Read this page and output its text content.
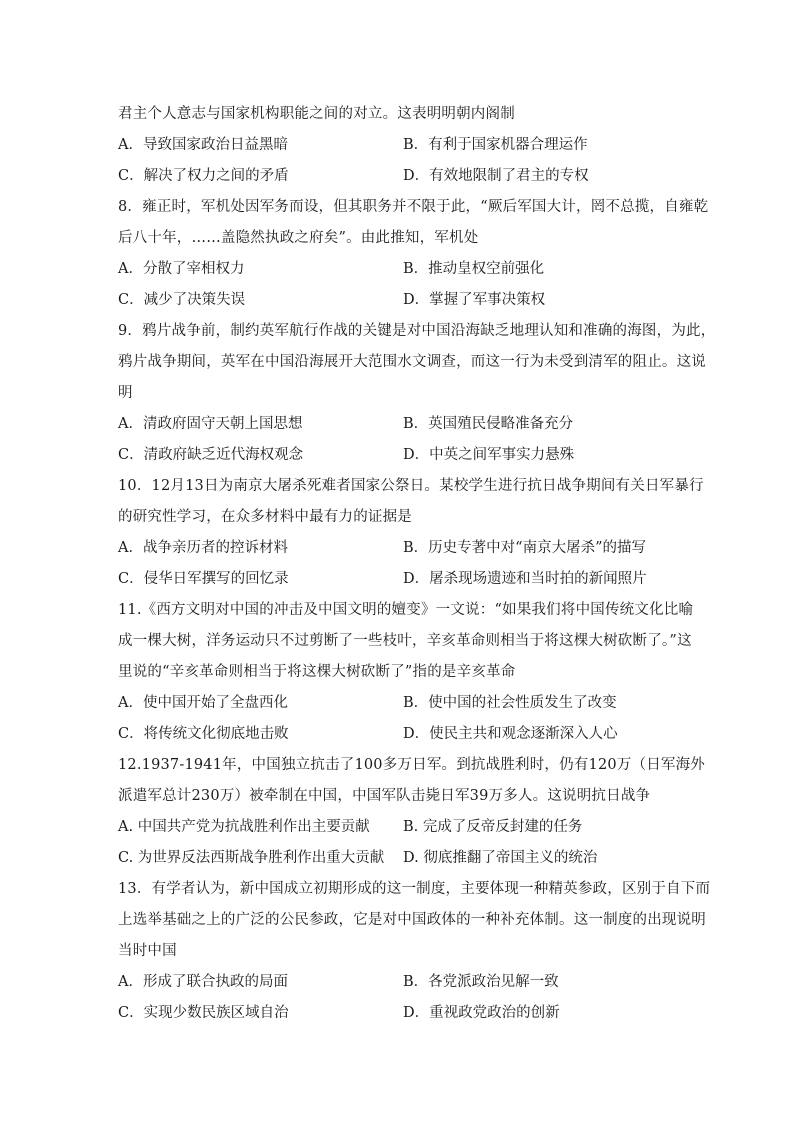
君主个人意志与国家机构职能之间的对立。这表明明朝内阁制
A．导致国家政治日益黑暗	B．有利于国家机器合理运作
C．解决了权力之间的矛盾	D．有效地限制了君主的专权
8．雍正时，军机处因军务而设，但其职务并不限于此，“厥后军国大计，罔不总揽，自雍乾
后八十年，……盖隐然执政之府矣”。由此推知，军机处
A．分散了宰相权力	B．推动皇权空前强化
C．减少了决策失误	D．掌握了军事决策权
9．鸦片战争前，制约英军航行作战的关键是对中国沿海缺乏地理认知和准确的海图，为此，
鸦片战争期间，英军在中国沿海展开大范围水文调查，而这一行为未受到清军的阻止。这说
明
A．清政府固守天朝上国思想	B．英国殖民侵略准备充分
C．清政府缺乏近代海权观念	D．中英之间军事实力悬殊
10．12月13日为南京大屠杀死难者国家公祭日。某校学生进行抗日战争期间有关日军暴行
的研究性学习，在众多材料中最有力的证据是
A．战争亲历者的控诉材料	B．历史专著中对“南京大屠杀”的描写
C．侵华日军撰写的回忆录	D．屠杀现场遗迹和当时拍的新闻照片
11.《西方文明对中国的冲击及中国文明的嬗变》一文说：“如果我们将中国传统文化比喻
成一棵大树，洋务运动只不过剪断了一些枝叶，辛亥革命则相当于将这棵大树砍断了。”这
里说的“辛亥革命则相当于将这棵大树砍断了”指的是辛亥革命
A．使中国开始了全盘西化	B．使中国的社会性质发生了改变
C．将传统文化彻底地击败	D．使民主共和观念逐渐深入人心
12.1937-1941年，中国独立抗击了100多万日军。到抗战胜利时，仍有120万（日军海外
派遣军总计230万）被牵制在中国，中国军队击毙日军39万多人。这说明抗日战争
A. 中国共产党为抗战胜利作出主要贡献	B. 完成了反帝反封建的任务
C. 为世界反法西斯战争胜利作出重大贡献	D. 彻底推翻了帝国主义的统治
13．有学者认为，新中国成立初期形成的这一制度，主要体现一种精英参政，区别于自下而
上选举基础之上的广泛的公民参政，它是对中国政体的一种补充体制。这一制度的出现说明
当时中国
A．形成了联合执政的局面	B．各党派政治见解一致
C．实现少数民族区域自治	D．重视政党政治的创新
